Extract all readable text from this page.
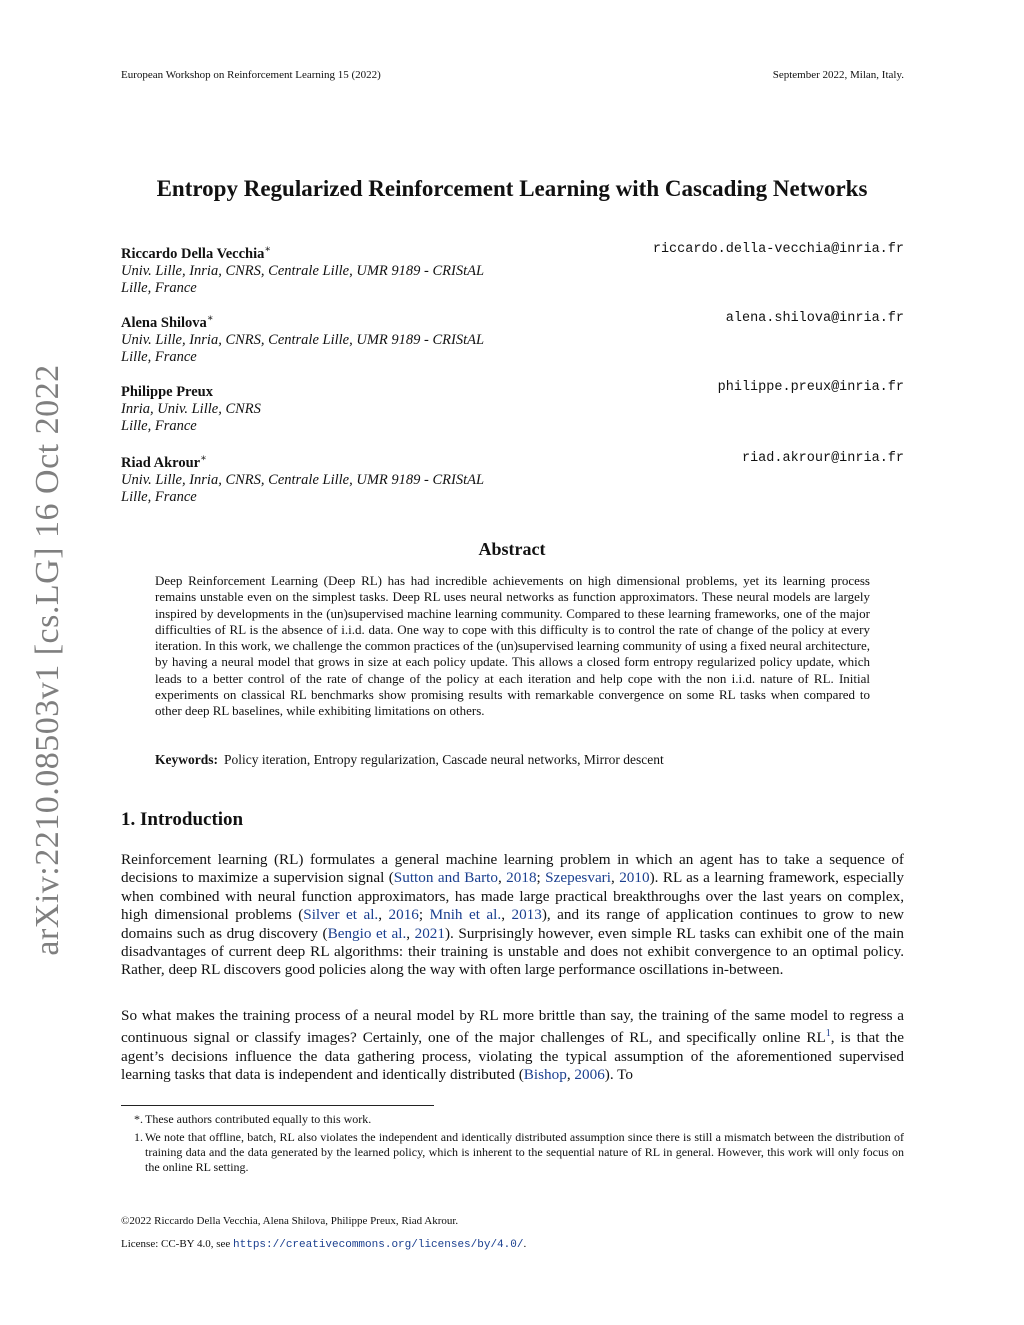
European Workshop on Reinforcement Learning 15 (2022)	September 2022, Milan, Italy.
arXiv:2210.08503v1 [cs.LG] 16 Oct 2022
Entropy Regularized Reinforcement Learning with Cascading Networks
Riccardo Della Vecchia∗
Univ. Lille, Inria, CNRS, Centrale Lille, UMR 9189 - CRIStAL
Lille, France
riccardo.della-vecchia@inria.fr
Alena Shilova∗
Univ. Lille, Inria, CNRS, Centrale Lille, UMR 9189 - CRIStAL
Lille, France
alena.shilova@inria.fr
Philippe Preux
Inria, Univ. Lille, CNRS
Lille, France
philippe.preux@inria.fr
Riad Akrour∗
Univ. Lille, Inria, CNRS, Centrale Lille, UMR 9189 - CRIStAL
Lille, France
riad.akrour@inria.fr
Abstract
Deep Reinforcement Learning (Deep RL) has had incredible achievements on high dimensional problems, yet its learning process remains unstable even on the simplest tasks. Deep RL uses neural networks as function approximators. These neural models are largely inspired by developments in the (un)supervised machine learning community. Compared to these learning frameworks, one of the major difficulties of RL is the absence of i.i.d. data. One way to cope with this difficulty is to control the rate of change of the policy at every iteration. In this work, we challenge the common practices of the (un)supervised learning community of using a fixed neural architecture, by having a neural model that grows in size at each policy update. This allows a closed form entropy regularized policy update, which leads to a better control of the rate of change of the policy at each iteration and help cope with the non i.i.d. nature of RL. Initial experiments on classical RL benchmarks show promising results with remarkable convergence on some RL tasks when compared to other deep RL baselines, while exhibiting limitations on others.
Keywords: Policy iteration, Entropy regularization, Cascade neural networks, Mirror descent
1. Introduction
Reinforcement learning (RL) formulates a general machine learning problem in which an agent has to take a sequence of decisions to maximize a supervision signal (Sutton and Barto, 2018; Szepesvari, 2010). RL as a learning framework, especially when combined with neural function approximators, has made large practical breakthroughs over the last years on complex, high dimensional problems (Silver et al., 2016; Mnih et al., 2013), and its range of application continues to grow to new domains such as drug discovery (Bengio et al., 2021). Surprisingly however, even simple RL tasks can exhibit one of the main disadvantages of current deep RL algorithms: their training is unstable and does not exhibit convergence to an optimal policy. Rather, deep RL discovers good policies along the way with often large performance oscillations in-between.
So what makes the training process of a neural model by RL more brittle than say, the training of the same model to regress a continuous signal or classify images? Certainly, one of the major challenges of RL, and specifically online RL$^1$, is that the agent’s decisions influence the data gathering process, violating the typical assumption of the aforementioned supervised learning tasks that data is independent and identically distributed (Bishop, 2006). To
*. These authors contributed equally to this work.
1. We note that offline, batch, RL also violates the independent and identically distributed assumption since there is still a mismatch between the distribution of training data and the data generated by the learned policy, which is inherent to the sequential nature of RL in general. However, this work will only focus on the online RL setting.
©2022 Riccardo Della Vecchia, Alena Shilova, Philippe Preux, Riad Akrour.
License: CC-BY 4.0, see https://creativecommons.org/licenses/by/4.0/.
